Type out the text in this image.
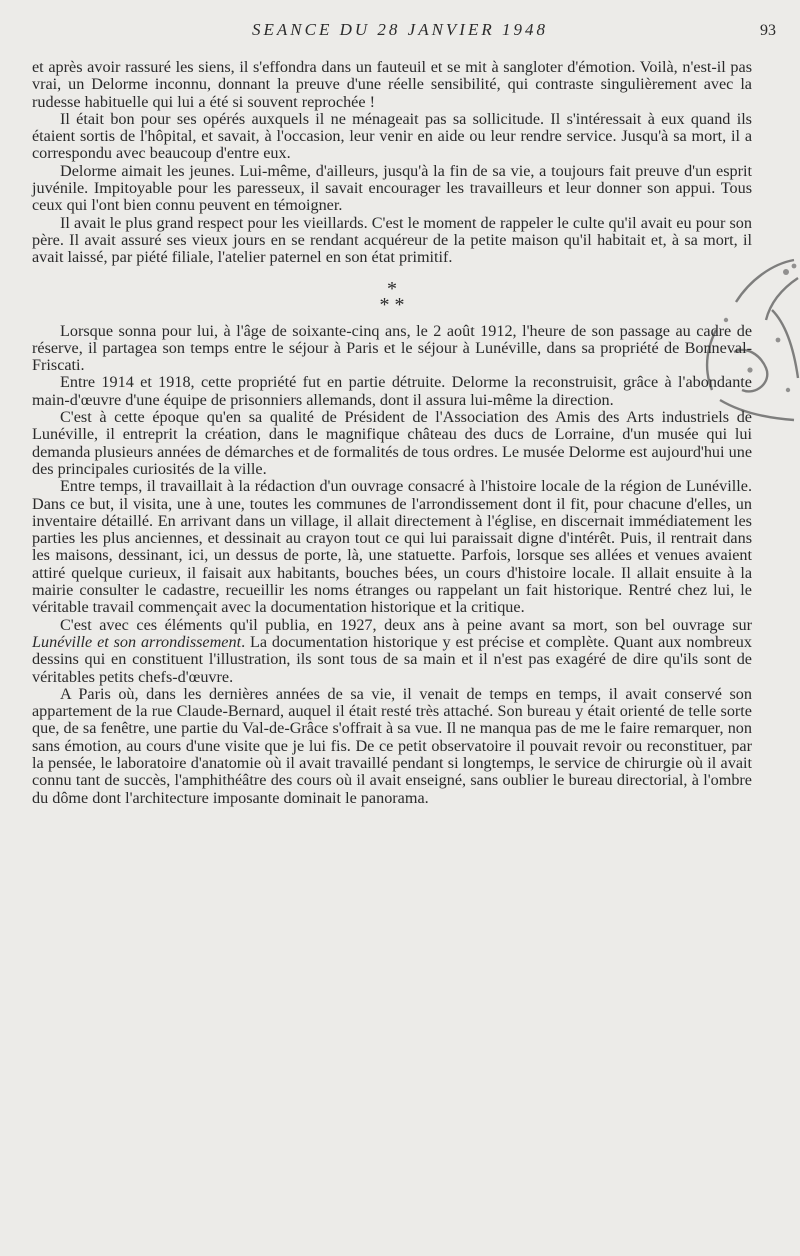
SEANCE DU 28 JANVIER 1948	93

et après avoir rassuré les siens, il s'effondra dans un fauteuil et se mit à sangloter d'émotion. Voilà, n'est-il pas vrai, un Delorme inconnu, donnant la preuve d'une réelle sensibilité, qui contraste singulièrement avec la rudesse habituelle qui lui a été si souvent reprochée !

Il était bon pour ses opérés auxquels il ne ménageait pas sa sollicitude. Il s'intéressait à eux quand ils étaient sortis de l'hôpital, et savait, à l'occasion, leur venir en aide ou leur rendre service. Jusqu'à sa mort, il a correspondu avec beaucoup d'entre eux.

Delorme aimait les jeunes. Lui-même, d'ailleurs, jusqu'à la fin de sa vie, a toujours fait preuve d'un esprit juvénile. Impitoyable pour les paresseux, il savait encourager les travailleurs et leur donner son appui. Tous ceux qui l'ont bien connu peuvent en témoigner.

Il avait le plus grand respect pour les vieillards. C'est le moment de rappeler le culte qu'il avait eu pour son père. Il avait assuré ses vieux jours en se rendant acquéreur de la petite maison qu'il habitait et, à sa mort, il avait laissé, par piété filiale, l'atelier paternel en son état primitif.

*
* *

Lorsque sonna pour lui, à l'âge de soixante-cinq ans, le 2 août 1912, l'heure de son passage au cadre de réserve, il partagea son temps entre le séjour à Paris et le séjour à Lunéville, dans sa propriété de Bonneval-Friscati.

Entre 1914 et 1918, cette propriété fut en partie détruite. Delorme la reconstruisit, grâce à l'abondante main-d'œuvre d'une équipe de prisonniers allemands, dont il assura lui-même la direction.

C'est à cette époque qu'en sa qualité de Président de l'Association des Amis des Arts industriels de Lunéville, il entreprit la création, dans le magnifique château des ducs de Lorraine, d'un musée qui lui demanda plusieurs années de démarches et de formalités de tous ordres. Le musée Delorme est aujourd'hui une des principales curiosités de la ville.

Entre temps, il travaillait à la rédaction d'un ouvrage consacré à l'histoire locale de la région de Lunéville. Dans ce but, il visita, une à une, toutes les communes de l'arrondissement dont il fit, pour chacune d'elles, un inventaire détaillé. En arrivant dans un village, il allait directement à l'église, en discernait immédiatement les parties les plus anciennes, et dessinait au crayon tout ce qui lui paraissait digne d'intérêt. Puis, il rentrait dans les maisons, dessinant, ici, un dessus de porte, là, une statuette. Parfois, lorsque ses allées et venues avaient attiré quelque curieux, il faisait aux habitants, bouches bées, un cours d'histoire locale. Il allait ensuite à la mairie consulter le cadastre, recueillir les noms étranges ou rappelant un fait historique. Rentré chez lui, le véritable travail commençait avec la documentation historique et la critique.

C'est avec ces éléments qu'il publia, en 1927, deux ans à peine avant sa mort, son bel ouvrage sur Lunéville et son arrondissement. La documentation historique y est précise et complète. Quant aux nombreux dessins qui en constituent l'illustration, ils sont tous de sa main et il n'est pas exagéré de dire qu'ils sont de véritables petits chefs-d'œuvre.

A Paris où, dans les dernières années de sa vie, il venait de temps en temps, il avait conservé son appartement de la rue Claude-Bernard, auquel il était resté très attaché. Son bureau y était orienté de telle sorte que, de sa fenêtre, une partie du Val-de-Grâce s'offrait à sa vue. Il ne manqua pas de me le faire remarquer, non sans émotion, au cours d'une visite que je lui fis. De ce petit observatoire il pouvait revoir ou reconstituer, par la pensée, le laboratoire d'anatomie où il avait travaillé pendant si longtemps, le service de chirurgie où il avait connu tant de succès, l'amphithéâtre des cours où il avait enseigné, sans oublier le bureau directorial, à l'ombre du dôme dont l'architecture imposante dominait le panorama.
